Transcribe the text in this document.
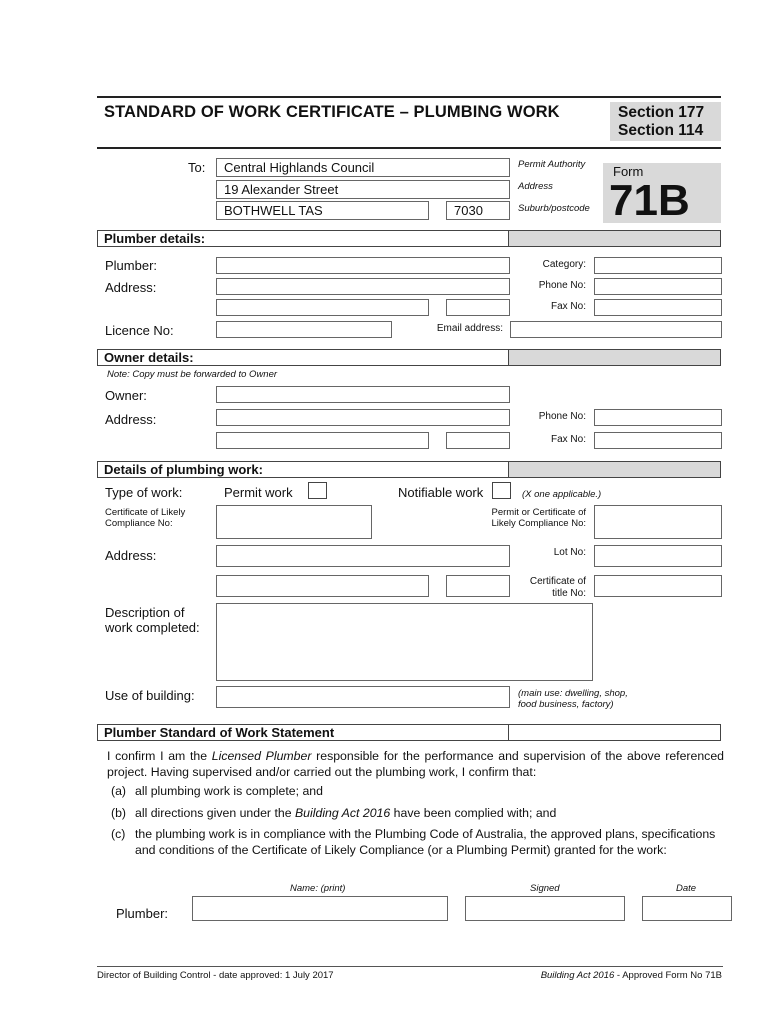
STANDARD OF WORK CERTIFICATE – PLUMBING WORK	Section 177
Section 114
To: Central Highlands Council
19 Alexander Street
BOTHWELL TAS	7030
Permit Authority
Address
Suburb/postcode
Form
71B
Plumber details:
Plumber:	Category:
Address:	Phone No:
Fax No:
Licence No:	Email address:
Owner details:
Note: Copy must be forwarded to Owner
Owner:
Address:	Phone No:
Fax No:
Details of plumbing work:
Type of work:	Permit work	Notifiable work	(X one applicable.)
Certificate of Likely
Compliance No:
Permit or Certificate of
Likely Compliance No:
Address:	Lot No:
Certificate of
title No:
Description of
work completed:
Use of building:	(main use: dwelling, shop,
food business, factory)
Plumber Standard of Work Statement
I confirm I am the Licensed Plumber responsible for the performance and supervision of the above referenced project. Having supervised and/or carried out the plumbing work, I confirm that:
(a) all plumbing work is complete; and
(b) all directions given under the Building Act 2016 have been complied with; and
(c) the plumbing work is in compliance with the Plumbing Code of Australia, the approved plans, specifications and conditions of the Certificate of Likely Compliance (or a Plumbing Permit) granted for the work:
Name: (print)	Signed	Date
Plumber:
Director of Building Control - date approved: 1 July 2017	Building Act 2016 - Approved Form No 71B
